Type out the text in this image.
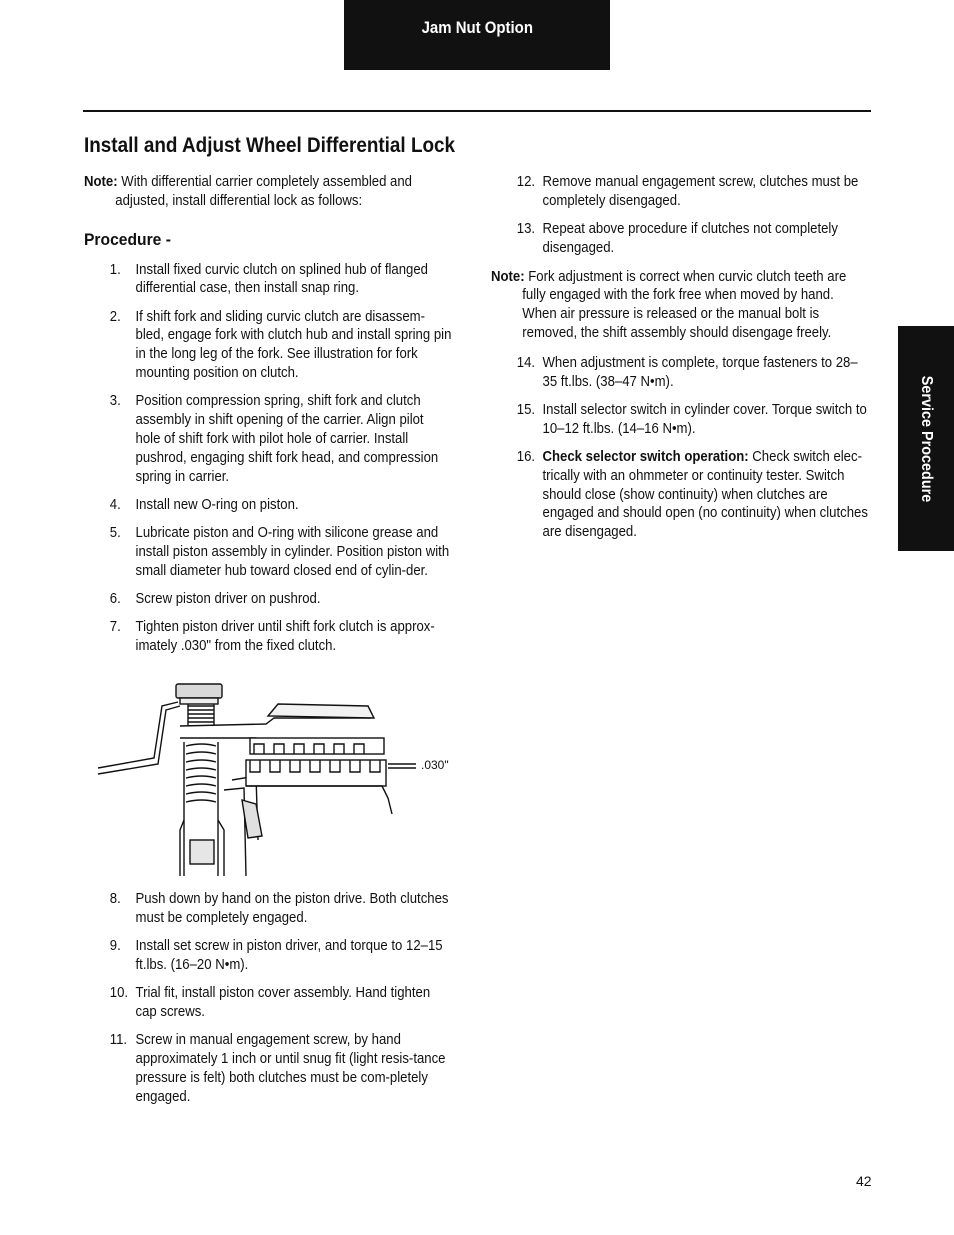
Jam Nut Option
Service Procedure
Install and Adjust Wheel Differential Lock

Note: With differential carrier completely assembled and adjusted, install differential lock as follows:

Procedure -
1. Install fixed curvic clutch on splined hub of flanged differential case, then install snap ring.
2. If shift fork and sliding curvic clutch are disassem-bled, engage fork with clutch hub and install spring pin in the long leg of the fork. See illustration for fork mounting position on clutch.
3. Position compression spring, shift fork and clutch assembly in shift opening of the carrier. Align pilot hole of shift fork with pilot hole of carrier. Install pushrod, engaging shift fork head, and compression spring in carrier.
4. Install new O-ring on piston.
5. Lubricate piston and O-ring with silicone grease and install piston assembly in cylinder. Position piston with small diameter hub toward closed end of cylin-der.
6. Screw piston driver on pushrod.
7. Tighten piston driver until shift fork clutch is approx-imately .030" from the fixed clutch.
.030"
8. Push down by hand on the piston drive. Both clutches must be completely engaged.
9. Install set screw in piston driver, and torque to 12–15 ft.lbs. (16–20 N•m).
10. Trial fit, install piston cover assembly. Hand tighten cap screws.
11. Screw in manual engagement screw, by hand approximately 1 inch or until snug fit (light resis-tance pressure is felt) both clutches must be com-pletely engaged.
12. Remove manual engagement screw, clutches must be completely disengaged.
13. Repeat above procedure if clutches not completely disengaged.

Note: Fork adjustment is correct when curvic clutch teeth are fully engaged with the fork free when moved by hand. When air pressure is released or the manual bolt is removed, the shift assembly should disengage freely.

14. When adjustment is complete, torque fasteners to 28–35 ft.lbs. (38–47 N•m).
15. Install selector switch in cylinder cover. Torque switch to 10–12 ft.lbs. (14–16 N•m).
16. Check selector switch operation: Check switch elec-trically with an ohmmeter or continuity tester. Switch should close (show continuity) when clutches are engaged and should open (no continuity) when clutches are disengaged.
42
